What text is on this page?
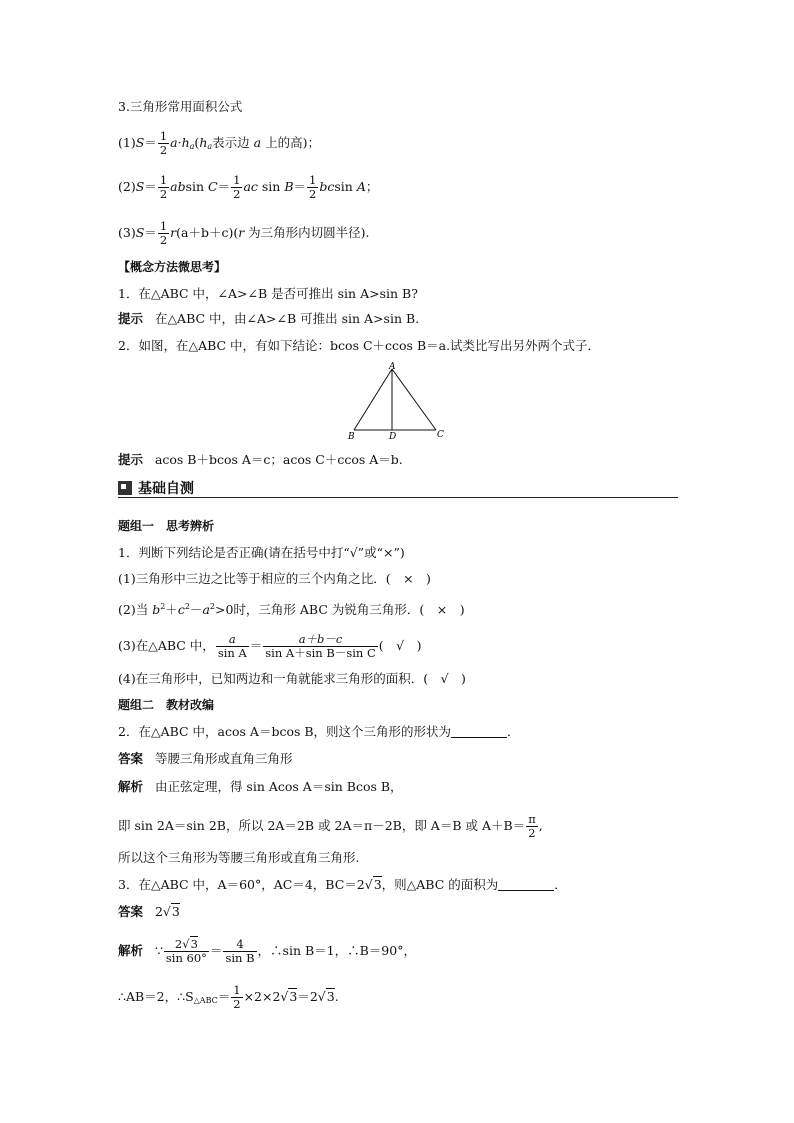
3.三角形常用面积公式
$(1)S= \frac{1}{2} a\cdot h_a(h_a$表示边 a 上的高)；
$(2)S= \frac{1}{2}$ absin $C= \frac{1}{2}$ ac $\sin B= \frac{1}{2}$ bcsin A；
$(3)S= \frac{1}{2} r(a+b+c)(r$ 为三角形内切圆半径).
【概念方法微思考】
1．在△ABC 中，∠A>∠B 是否可推出 sin A>sin B?
提示 在△ABC 中，由∠A>∠B 可推出 sin A>sin B.
2．如图，在△ABC 中，有如下结论：bcos C＋ccos B＝a.试类比写出另外两个式子．
A
B	C
D
提示 acos B＋bcos A＝c；acos C＋ccos A＝b.
基础自测
题组一　思考辨析
1．判断下列结论是否正确(请在括号中打“√”或“×”)
(1)三角形中三边之比等于相应的三个内角之比．(　×　)
(2)当 $b^2+c^2-a^2>0$时，三角形 ABC 为锐角三角形．(　×　)
(3)在△ABC 中， $\frac{a}{\text{sin A}} = \frac{a+b-c}{\text{sin A＋sin B－sin C}}$ (　√　)
(4)在三角形中，已知两边和一角就能求三角形的面积．(　√　)
题组二　教材改编
2．在△ABC 中，acos A＝bcos B，则这个三角形的形状为	．
答案 等腰三角形或直角三角形
解析 由正弦定理，得 sin Acos A＝sin Bcos B，
即 sin 2A＝sin 2B，所以 2A＝2B 或 2A＝π－2B，即 A＝B 或 $A+B= \frac{\pi}{2}$ ,
所以这个三角形为等腰三角形或直角三角形.
3．在△ABC 中，A＝60°，AC＝4，BC＝2√3，则△ABC 的面积为	．
答案 2√3
解析 ∵ $\frac{2√3}{\sin 60^\circ} = \frac{4}{\text{sin B}}$ ，∴sin B＝1，∴B＝90°，
∴AB＝2，$\therefore S_{\triangle ABC}= \frac{1}{2} \times 2\times 2√3=2√3$.
